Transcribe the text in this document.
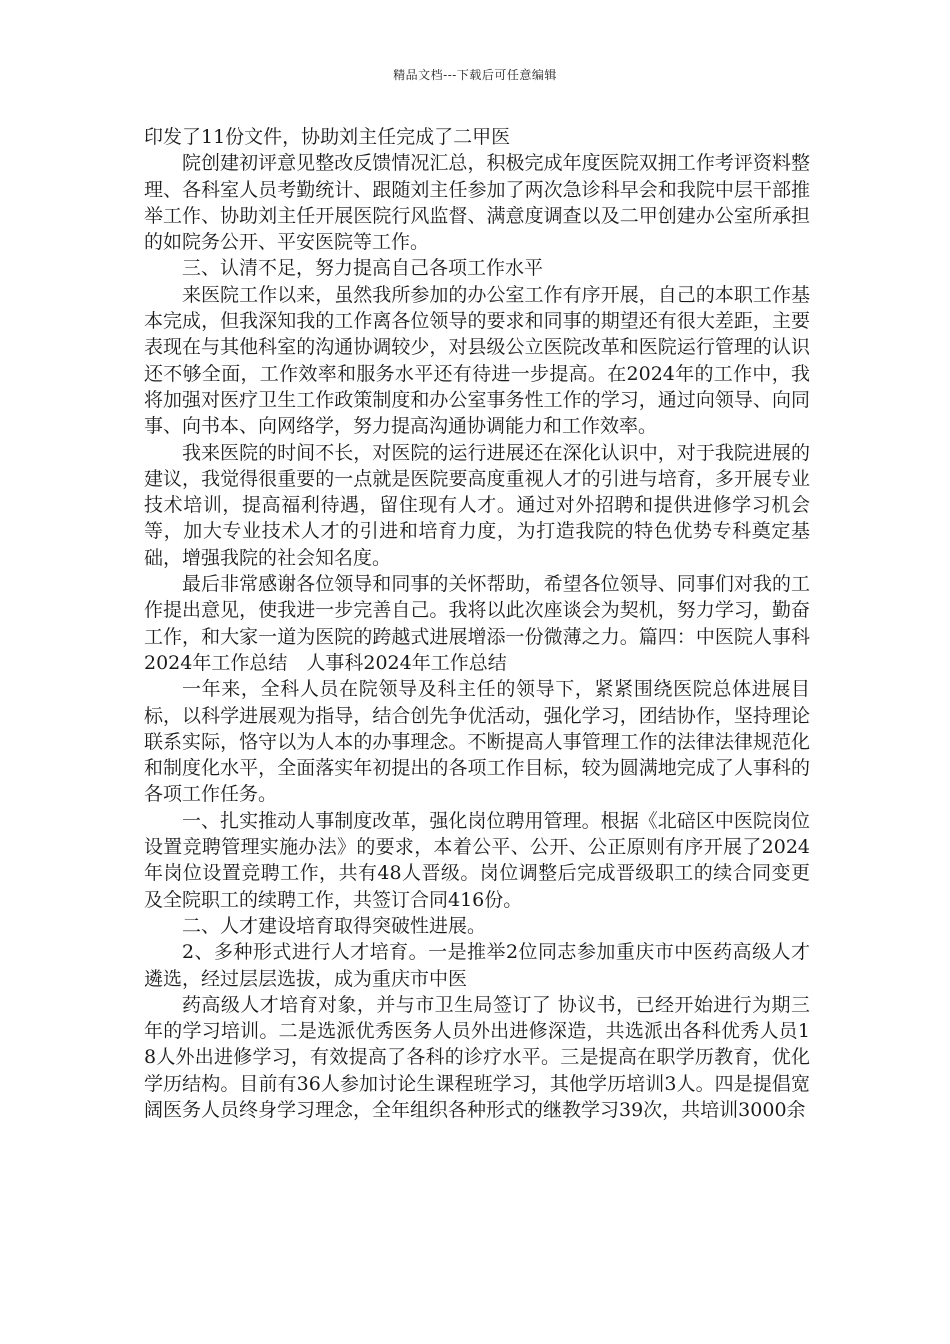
精品文档---下载后可任意编辑

印发了11份文件，协助刘主任完成了二甲医

院创建初评意见整改反馈情况汇总，积极完成年度医院双拥工作考评资料整理、各科室人员考勤统计、跟随刘主任参加了两次急诊科早会和我院中层干部推举工作、协助刘主任开展医院行风监督、满意度调查以及二甲创建办公室所承担的如院务公开、平安医院等工作。

三、认清不足，努力提高自己各项工作水平

来医院工作以来，虽然我所参加的办公室工作有序开展，自己的本职工作基本完成，但我深知我的工作离各位领导的要求和同事的期望还有很大差距，主要表现在与其他科室的沟通协调较少，对县级公立医院改革和医院运行管理的认识还不够全面，工作效率和服务水平还有待进一步提高。在2024年的工作中，我将加强对医疗卫生工作政策制度和办公室事务性工作的学习，通过向领导、向同事、向书本、向网络学，努力提高沟通协调能力和工作效率。

我来医院的时间不长，对医院的运行进展还在深化认识中，对于我院进展的建议，我觉得很重要的一点就是医院要高度重视人才的引进与培育，多开展专业技术培训，提高福利待遇，留住现有人才。通过对外招聘和提供进修学习机会等，加大专业技术人才的引进和培育力度，为打造我院的特色优势专科奠定基础，增强我院的社会知名度。

最后非常感谢各位领导和同事的关怀帮助，希望各位领导、同事们对我的工作提出意见，使我进一步完善自己。我将以此次座谈会为契机，努力学习，勤奋工作，和大家一道为医院的跨越式进展增添一份微薄之力。篇四：中医院人事科2024年工作总结　人事科2024年工作总结

一年来，全科人员在院领导及科主任的领导下，紧紧围绕医院总体进展目标，以科学进展观为指导，结合创先争优活动，强化学习，团结协作，坚持理论联系实际，恪守以为人本的办事理念。不断提高人事管理工作的法律法律规范化和制度化水平，全面落实年初提出的各项工作目标，较为圆满地完成了人事科的各项工作任务。

一、扎实推动人事制度改革，强化岗位聘用管理。根据《北碚区中医院岗位设置竞聘管理实施办法》的要求，本着公平、公开、公正原则有序开展了2024年岗位设置竞聘工作，共有48人晋级。岗位调整后完成晋级职工的续合同变更及全院职工的续聘工作，共签订合同416份。

二、人才建设培育取得突破性进展。

2、多种形式进行人才培育。一是推举2位同志参加重庆市中医药高级人才遴选，经过层层选拔，成为重庆市中医

药高级人才培育对象，并与市卫生局签订了 协议书，已经开始进行为期三年的学习培训。二是选派优秀医务人员外出进修深造，共选派出各科优秀人员18人外出进修学习，有效提高了各科的诊疗水平。三是提高在职学历教育，优化学历结构。目前有36人参加讨论生课程班学习，其他学历培训3人。四是提倡宽阔医务人员终身学习理念，全年组织各种形式的继教学习39次，共培训3000余
